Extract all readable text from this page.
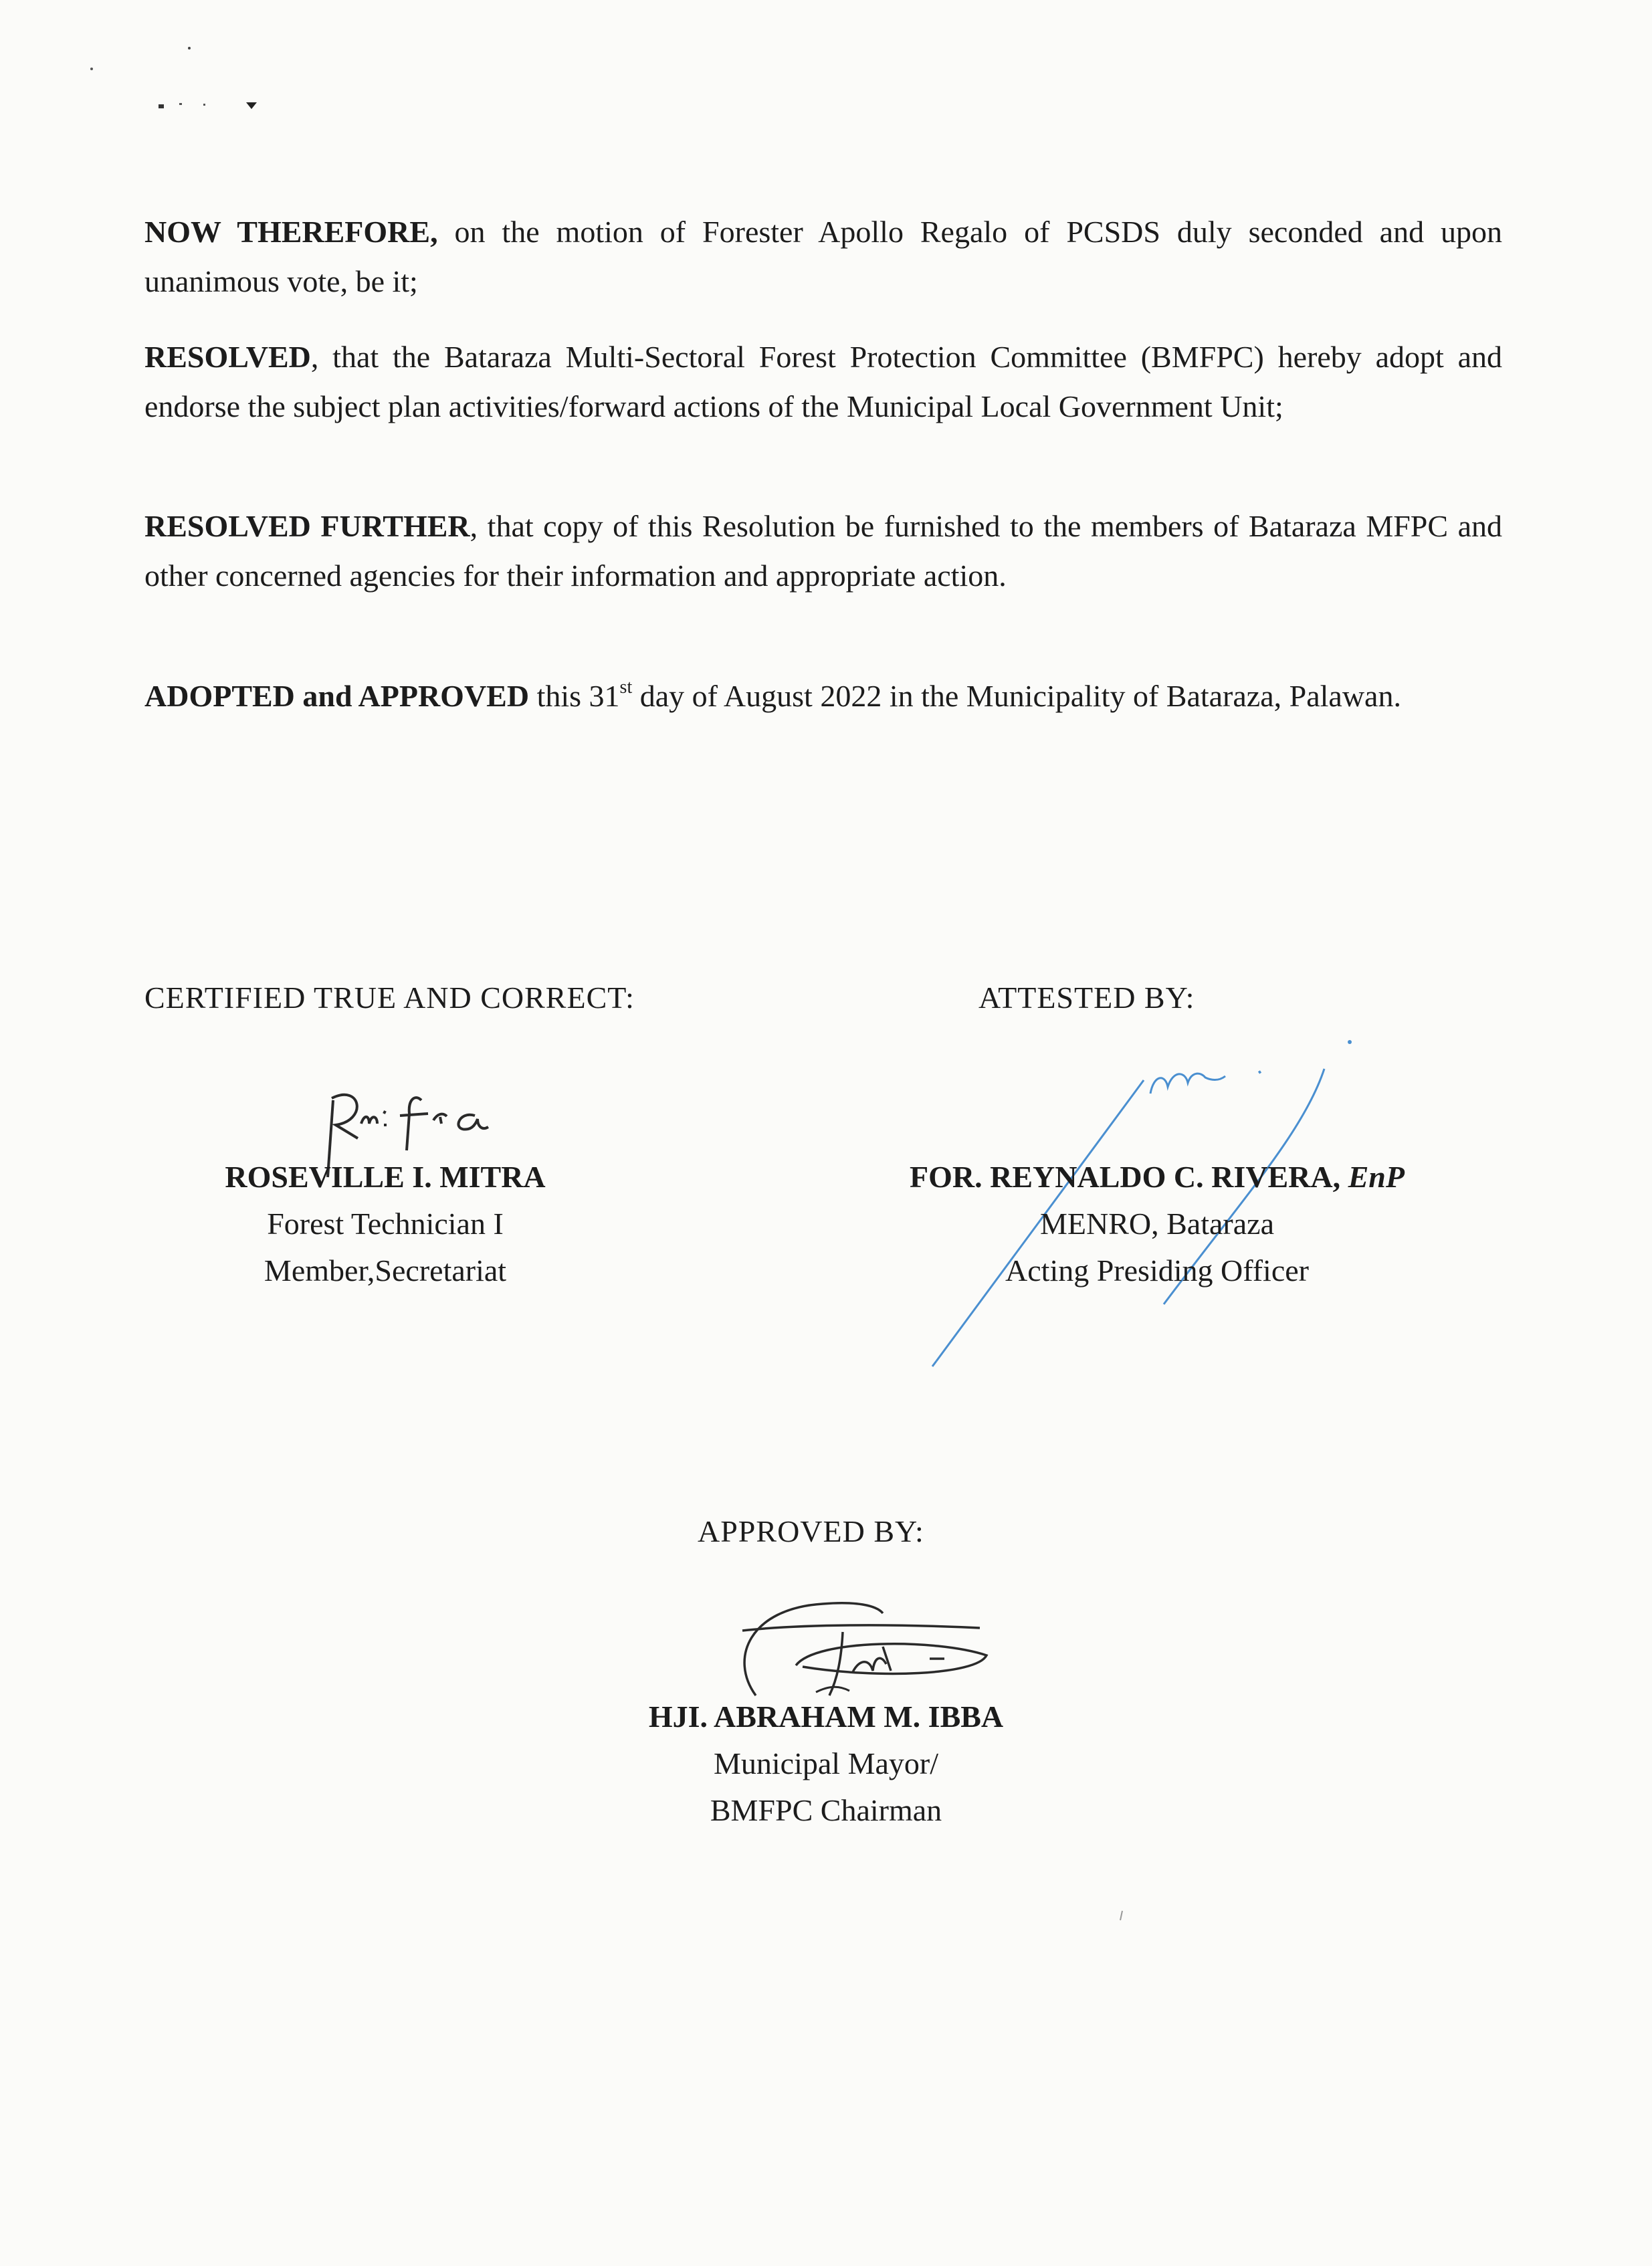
NOW THEREFORE, on the motion of Forester Apollo Regalo of PCSDS duly seconded and upon unanimous vote, be it;

RESOLVED, that the Bataraza Multi-Sectoral Forest Protection Committee (BMFPC) hereby adopt and endorse the subject plan activities/forward actions of the Municipal Local Government Unit;

RESOLVED FURTHER, that copy of this Resolution be furnished to the members of Bataraza MFPC and other concerned agencies for their information and appropriate action.

ADOPTED and APPROVED this 31st day of August 2022 in the Municipality of Bataraza, Palawan.

CERTIFIED TRUE AND CORRECT:	ATTESTED BY:
ROSEVILLE I. MITRA
Forest Technician I
Member,Secretariat
FOR. REYNALDO C. RIVERA, EnP
MENRO, Bataraza
Acting Presiding Officer
APPROVED BY:
HJI. ABRAHAM M. IBBA
Municipal Mayor/
BMFPC Chairman
